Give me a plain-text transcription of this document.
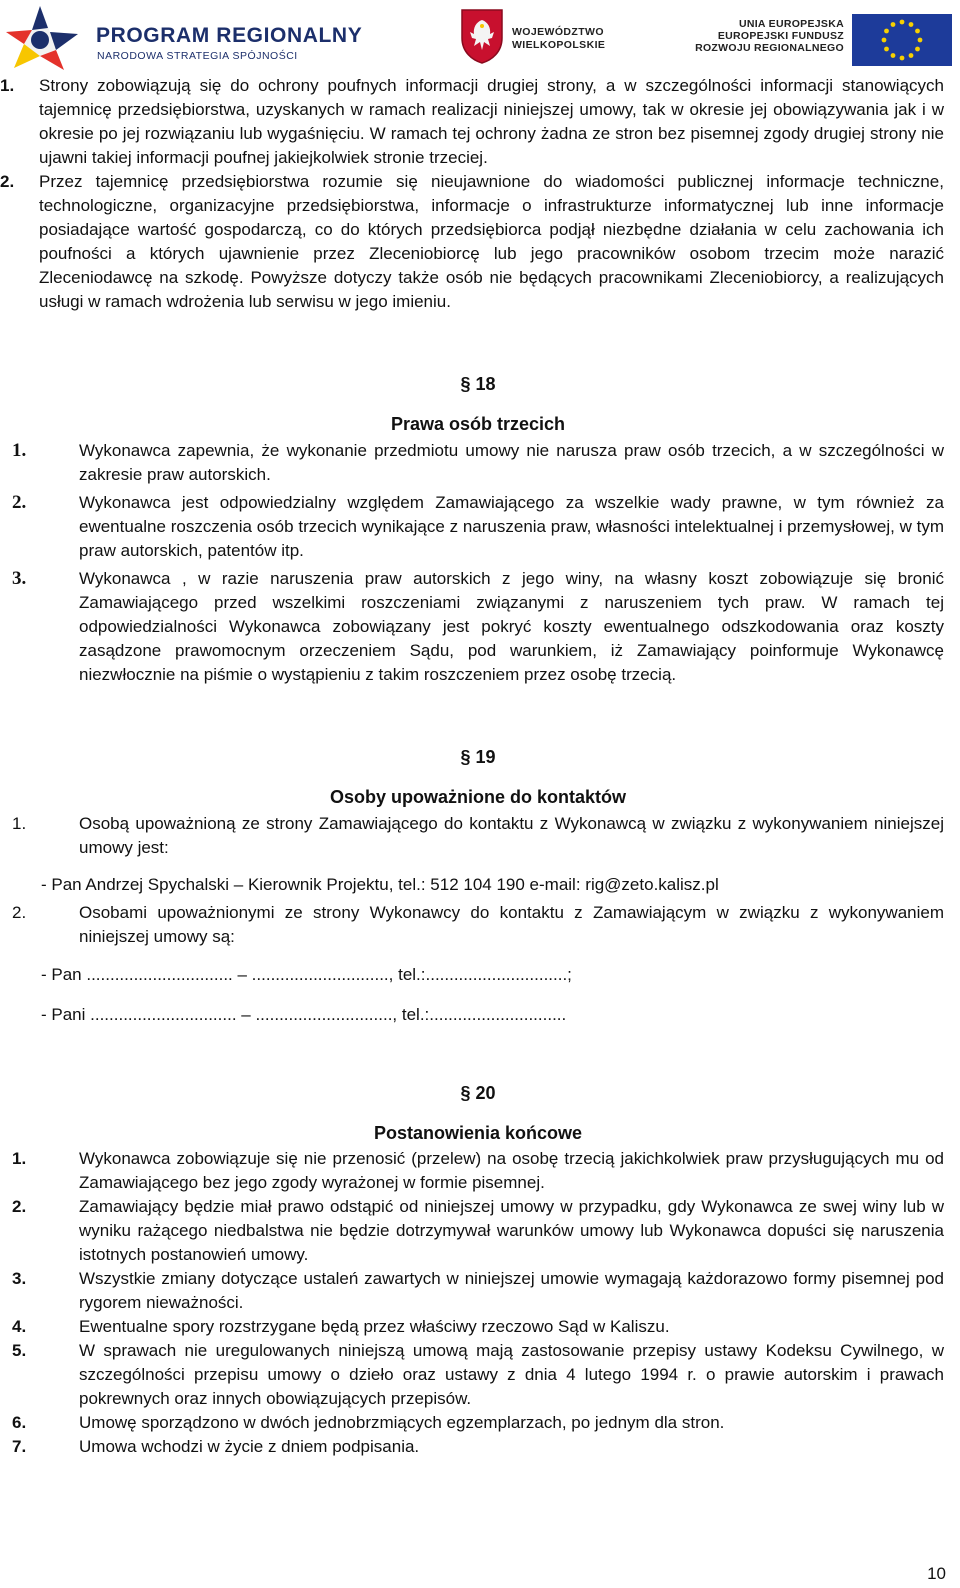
PROGRAM REGIONALNY
NARODOWA STRATEGIA SPÓJNOŚCI
WOJEWÓDZTWO
WIELKOPOLSKIE
UNIA EUROPEJSKA
EUROPEJSKI FUNDUSZ
ROZWOJU REGIONALNEGO
1. Strony zobowiązują się do ochrony poufnych informacji drugiej strony, a w szczególności informacji stanowiących tajemnicę przedsiębiorstwa, uzyskanych w ramach realizacji niniejszej umowy, tak w okresie jej obowiązywania jak i w okresie po jej rozwiązaniu lub wygaśnięciu. W ramach tej ochrony żadna ze stron bez pisemnej zgody drugiej strony nie ujawni takiej informacji poufnej jakiejkolwiek stronie trzeciej.
2. Przez tajemnicę przedsiębiorstwa rozumie się nieujawnione do wiadomości publicznej informacje techniczne, technologiczne, organizacyjne przedsiębiorstwa, informacje o infrastrukturze informatycznej lub inne informacje posiadające wartość gospodarczą, co do których przedsiębiorca podjął niezbędne działania w celu zachowania ich poufności a których ujawnienie przez Zleceniobiorcę lub jego pracowników osobom trzecim może narazić Zleceniodawcę na szkodę. Powyższe dotyczy także osób nie będących pracownikami Zleceniobiorcy, a realizujących usługi w ramach wdrożenia lub serwisu w jego imieniu.
§ 18
Prawa osób trzecich
1.	Wykonawca zapewnia, że wykonanie przedmiotu umowy nie narusza praw osób trzecich, a w szczególności w zakresie praw autorskich.
2.	Wykonawca jest odpowiedzialny względem Zamawiającego za wszelkie wady prawne, w tym również za ewentualne roszczenia osób trzecich wynikające z naruszenia praw, własności intelektualnej i przemysłowej, w tym praw autorskich, patentów itp.
3.	Wykonawca , w razie naruszenia praw autorskich z jego winy, na własny koszt zobowiązuje się bronić Zamawiającego przed wszelkimi roszczeniami związanymi z naruszeniem tych praw. W ramach tej odpowiedzialności Wykonawca zobowiązany jest pokryć koszty ewentualnego odszkodowania oraz koszty zasądzone prawomocnym orzeczeniem Sądu, pod warunkiem, iż Zamawiający poinformuje Wykonawcę niezwłocznie na piśmie o wystąpieniu z takim roszczeniem przez osobę trzecią.
§ 19
Osoby upoważnione do kontaktów
1.	Osobą upoważnioną ze strony Zamawiającego do kontaktu z Wykonawcą w związku z wykonywaniem niniejszej umowy jest:
- Pan Andrzej Spychalski – Kierownik Projektu, tel.: 512 104 190 e-mail: rig@zeto.kalisz.pl
2.	Osobami upoważnionymi ze strony Wykonawcy do kontaktu z Zamawiającym w związku z wykonywaniem niniejszej umowy są:
- Pan ............................... – ............................., tel.:..............................;
- Pani ............................... – ............................., tel.:.............................
§ 20
Postanowienia końcowe
1.	Wykonawca zobowiązuje się nie przenosić (przelew) na osobę trzecią jakichkolwiek praw przysługujących mu od Zamawiającego bez jego zgody wyrażonej w formie pisemnej.
2.	Zamawiający będzie miał prawo odstąpić od niniejszej umowy w przypadku, gdy Wykonawca ze swej winy lub w wyniku rażącego niedbalstwa nie będzie dotrzymywał warunków umowy lub Wykonawca dopuści się naruszenia istotnych postanowień umowy.
3.	Wszystkie zmiany dotyczące ustaleń zawartych w niniejszej umowie wymagają każdorazowo formy pisemnej pod rygorem nieważności.
4.	Ewentualne spory rozstrzygane będą przez właściwy rzeczowo Sąd w Kaliszu.
5.	W sprawach nie uregulowanych niniejszą umową mają zastosowanie przepisy ustawy Kodeksu Cywilnego, w szczególności przepisu umowy o dzieło oraz ustawy z dnia 4 lutego 1994 r. o prawie autorskim i prawach pokrewnych oraz innych obowiązujących przepisów.
6.	Umowę sporządzono w dwóch jednobrzmiących egzemplarzach, po jednym dla stron.
7.	Umowa wchodzi w życie z dniem podpisania.
10
